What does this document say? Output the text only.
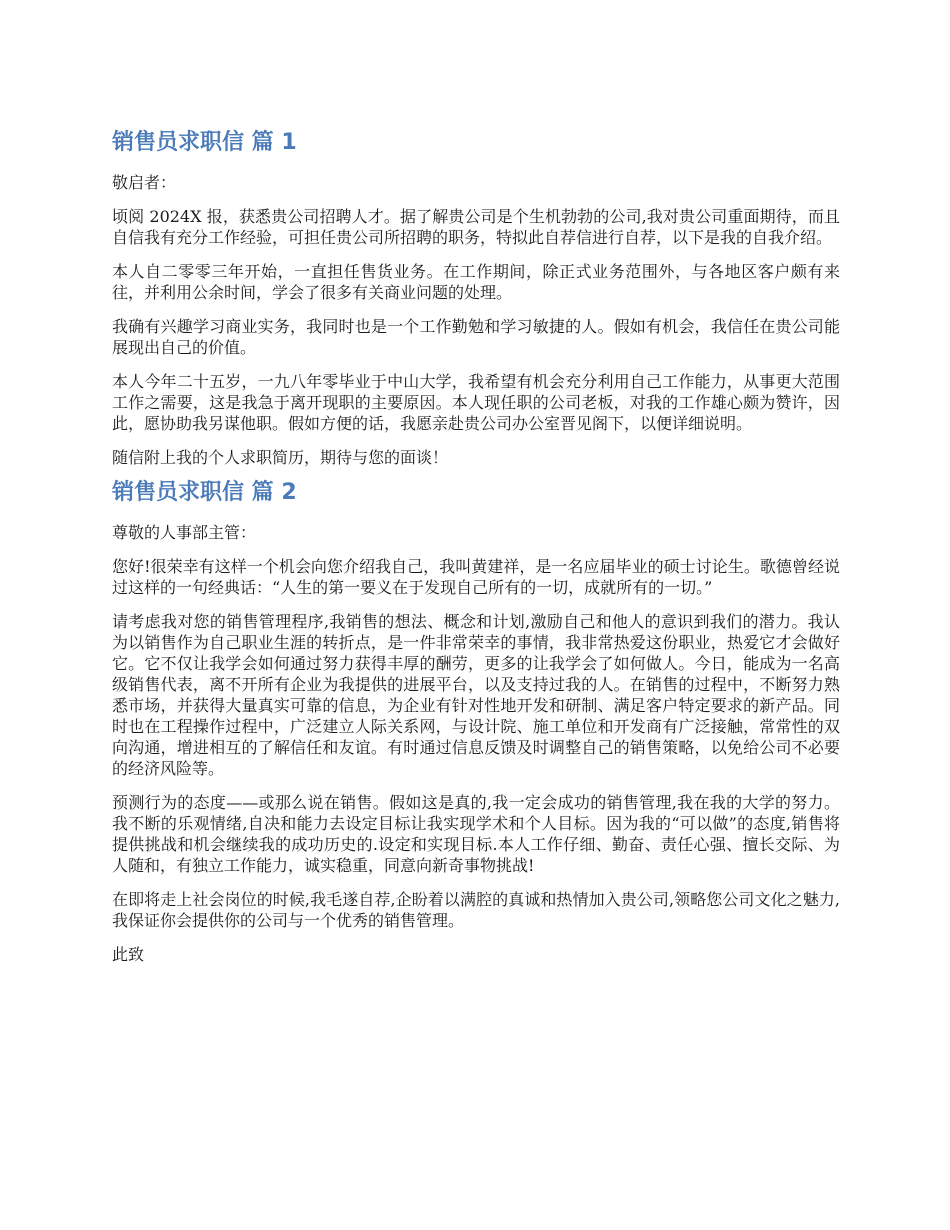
销售员求职信 篇 1

敬启者：

顷阅 2024X 报，获悉贵公司招聘人才。据了解贵公司是个生机勃勃的公司,我对贵公司重面期待，而且自信我有充分工作经验，可担任贵公司所招聘的职务，特拟此自荐信进行自荐，以下是我的自我介绍。

本人自二零零三年开始，一直担任售货业务。在工作期间，除正式业务范围外，与各地区客户颇有来往，并利用公余时间，学会了很多有关商业问题的处理。

我确有兴趣学习商业实务，我同时也是一个工作勤勉和学习敏捷的人。假如有机会，我信任在贵公司能展现出自己的价值。

本人今年二十五岁，一九八年零毕业于中山大学，我希望有机会充分利用自己工作能力，从事更大范围工作之需要，这是我急于离开现职的主要原因。本人现任职的公司老板，对我的工作雄心颇为赞许，因此，愿协助我另谋他职。假如方便的话，我愿亲赴贵公司办公室晋见阁下，以便详细说明。

随信附上我的个人求职简历，期待与您的面谈！

销售员求职信 篇 2

尊敬的人事部主管：

您好!很荣幸有这样一个机会向您介绍我自己，我叫黄建祥，是一名应届毕业的硕士讨论生。歌德曾经说过这样的一句经典话：“人生的第一要义在于发现自己所有的一切，成就所有的一切。”

请考虑我对您的销售管理程序,我销售的想法、概念和计划,激励自己和他人的意识到我们的潜力。我认为以销售作为自己职业生涯的转折点，是一件非常荣幸的事情，我非常热爱这份职业，热爱它才会做好它。它不仅让我学会如何通过努力获得丰厚的酬劳，更多的让我学会了如何做人。今日，能成为一名高级销售代表，离不开所有企业为我提供的进展平台，以及支持过我的人。在销售的过程中，不断努力熟悉市场，并获得大量真实可靠的信息，为企业有针对性地开发和研制、满足客户特定要求的新产品。同时也在工程操作过程中，广泛建立人际关系网，与设计院、施工单位和开发商有广泛接触，常常性的双向沟通，增进相互的了解信任和友谊。有时通过信息反馈及时调整自己的销售策略，以免给公司不必要的经济风险等。

预测行为的态度——或那么说在销售。假如这是真的,我一定会成功的销售管理,我在我的大学的努力。我不断的乐观情绪,自决和能力去设定目标让我实现学术和个人目标。因为我的“可以做”的态度,销售将提供挑战和机会继续我的成功历史的.设定和实现目标.本人工作仔细、勤奋、责任心强、擅长交际、为人随和，有独立工作能力，诚实稳重，同意向新奇事物挑战!

在即将走上社会岗位的时候,我毛遂自荐,企盼着以满腔的真诚和热情加入贵公司,领略您公司文化之魅力,我保证你会提供你的公司与一个优秀的销售管理。

此致
